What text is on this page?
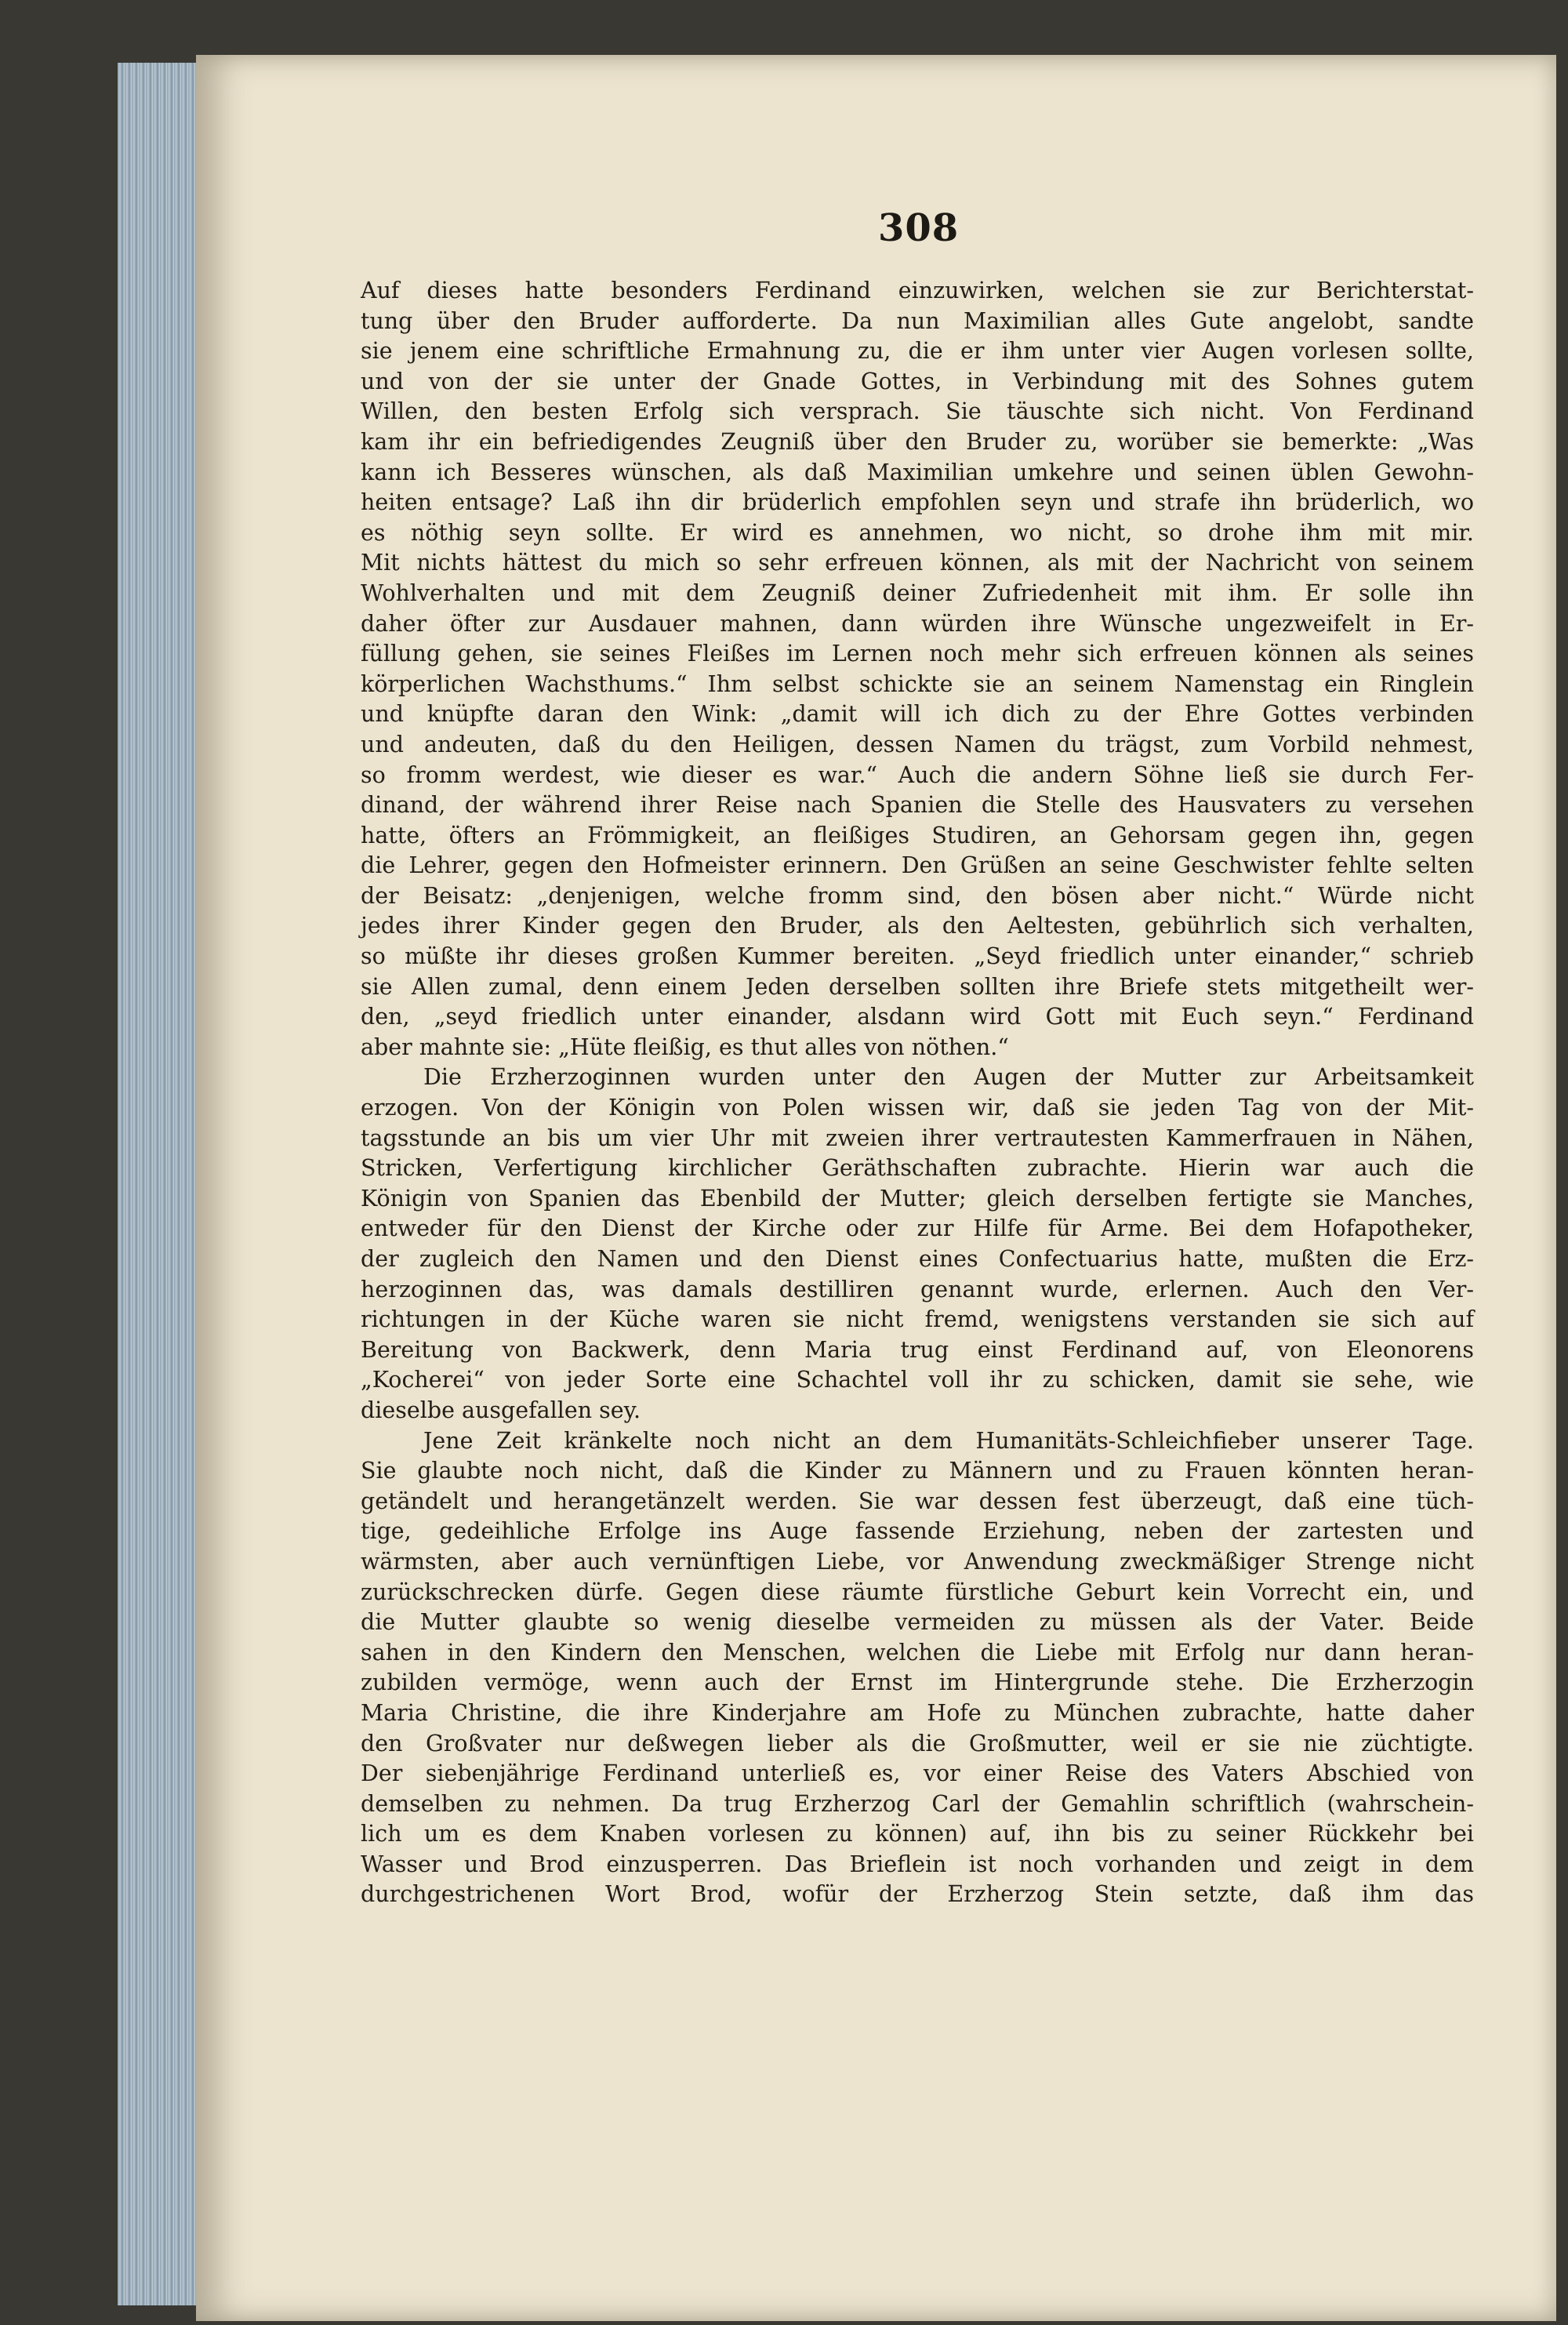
308
Auf dieses hatte besonders Ferdinand einzuwirken, welchen sie zur Berichterstat-
tung über den Bruder aufforderte. Da nun Maximilian alles Gute angelobt, sandte
sie jenem eine schriftliche Ermahnung zu, die er ihm unter vier Augen vorlesen sollte,
und von der sie unter der Gnade Gottes, in Verbindung mit des Sohnes gutem
Willen, den besten Erfolg sich versprach. Sie täuschte sich nicht. Von Ferdinand
kam ihr ein befriedigendes Zeugniß über den Bruder zu, worüber sie bemerkte: „Was
kann ich Besseres wünschen, als daß Maximilian umkehre und seinen üblen Gewohn-
heiten entsage? Laß ihn dir brüderlich empfohlen seyn und strafe ihn brüderlich, wo
es nöthig seyn sollte. Er wird es annehmen, wo nicht, so drohe ihm mit mir.
Mit nichts hättest du mich so sehr erfreuen können, als mit der Nachricht von seinem
Wohlverhalten und mit dem Zeugniß deiner Zufriedenheit mit ihm. Er solle ihn
daher öfter zur Ausdauer mahnen, dann würden ihre Wünsche ungezweifelt in Er-
füllung gehen, sie seines Fleißes im Lernen noch mehr sich erfreuen können als seines
körperlichen Wachsthums.“ Ihm selbst schickte sie an seinem Namenstag ein Ringlein
und knüpfte daran den Wink: „damit will ich dich zu der Ehre Gottes verbinden
und andeuten, daß du den Heiligen, dessen Namen du trägst, zum Vorbild nehmest,
so fromm werdest, wie dieser es war.“ Auch die andern Söhne ließ sie durch Fer-
dinand, der während ihrer Reise nach Spanien die Stelle des Hausvaters zu versehen
hatte, öfters an Frömmigkeit, an fleißiges Studiren, an Gehorsam gegen ihn, gegen
die Lehrer, gegen den Hofmeister erinnern. Den Grüßen an seine Geschwister fehlte selten
der Beisatz: „denjenigen, welche fromm sind, den bösen aber nicht.“ Würde nicht
jedes ihrer Kinder gegen den Bruder, als den Aeltesten, gebührlich sich verhalten,
so müßte ihr dieses großen Kummer bereiten. „Seyd friedlich unter einander,“ schrieb
sie Allen zumal, denn einem Jeden derselben sollten ihre Briefe stets mitgetheilt wer-
den, „seyd friedlich unter einander, alsdann wird Gott mit Euch seyn.“ Ferdinand
aber mahnte sie: „Hüte fleißig, es thut alles von nöthen.“
Die Erzherzoginnen wurden unter den Augen der Mutter zur Arbeitsamkeit
erzogen. Von der Königin von Polen wissen wir, daß sie jeden Tag von der Mit-
tagsstunde an bis um vier Uhr mit zweien ihrer vertrautesten Kammerfrauen in Nähen,
Stricken, Verfertigung kirchlicher Geräthschaften zubrachte. Hierin war auch die
Königin von Spanien das Ebenbild der Mutter; gleich derselben fertigte sie Manches,
entweder für den Dienst der Kirche oder zur Hilfe für Arme. Bei dem Hofapotheker,
der zugleich den Namen und den Dienst eines Confectuarius hatte, mußten die Erz-
herzoginnen das, was damals destilliren genannt wurde, erlernen. Auch den Ver-
richtungen in der Küche waren sie nicht fremd, wenigstens verstanden sie sich auf
Bereitung von Backwerk, denn Maria trug einst Ferdinand auf, von Eleonorens
„Kocherei“ von jeder Sorte eine Schachtel voll ihr zu schicken, damit sie sehe, wie
dieselbe ausgefallen sey.
Jene Zeit kränkelte noch nicht an dem Humanitäts-Schleichfieber unserer Tage.
Sie glaubte noch nicht, daß die Kinder zu Männern und zu Frauen könnten heran-
getändelt und herangetänzelt werden. Sie war dessen fest überzeugt, daß eine tüch-
tige, gedeihliche Erfolge ins Auge fassende Erziehung, neben der zartesten und
wärmsten, aber auch vernünftigen Liebe, vor Anwendung zweckmäßiger Strenge nicht
zurückschrecken dürfe. Gegen diese räumte fürstliche Geburt kein Vorrecht ein, und
die Mutter glaubte so wenig dieselbe vermeiden zu müssen als der Vater. Beide
sahen in den Kindern den Menschen, welchen die Liebe mit Erfolg nur dann heran-
zubilden vermöge, wenn auch der Ernst im Hintergrunde stehe. Die Erzherzogin
Maria Christine, die ihre Kinderjahre am Hofe zu München zubrachte, hatte daher
den Großvater nur deßwegen lieber als die Großmutter, weil er sie nie züchtigte.
Der siebenjährige Ferdinand unterließ es, vor einer Reise des Vaters Abschied von
demselben zu nehmen. Da trug Erzherzog Carl der Gemahlin schriftlich (wahrschein-
lich um es dem Knaben vorlesen zu können) auf, ihn bis zu seiner Rückkehr bei
Wasser und Brod einzusperren. Das Brieflein ist noch vorhanden und zeigt in dem
durchgestrichenen Wort Brod, wofür der Erzherzog Stein setzte, daß ihm das
